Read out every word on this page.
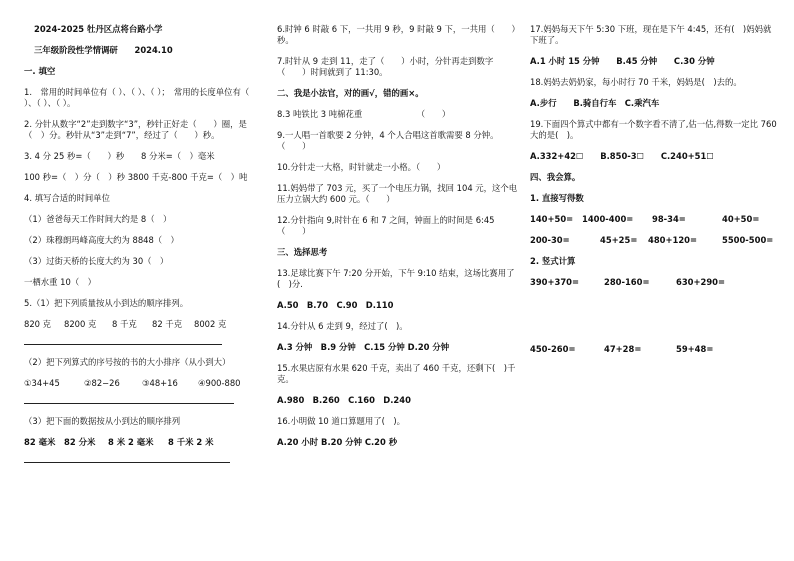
2024-2025 牡丹区点将台路小学
三年级阶段性学情调研　　2024.10
一. 填空
1.　常用的时间单位有（ ）、（ ）、（ ）；　常用的长度单位有（ ）、（ ）、（ ）。
2. 分针从数字“2”走到数字“3”，秒针正好走（　　）圈，是（　）分。秒针从“3”走到“7”，经过了（　　）秒。
3. 4 分 25 秒=（　　）秒　　8 分米=（　）毫米
100 秒=（　）分（　）秒 3800 千克-800 千克=（　）吨
4. 填写合适的时间单位
（1）爸爸每天工作时间大约是 8（　）
（2）珠穆朗玛峰高度大约为 8848（　）
（3）过街天桥的长度大约为 30（　）
一栖水重 10（　）
5.（1）把下列质量按从小到达的顺序排列。
820 克	8200 克	8 千克	82 千克	8002 克
（2）把下列算式的序号按的书的大小排序（从小到大）
①34+45	②82−26	③48+16	④900-880
（3）把下面的数据按从小到达的顺序排列
82 毫米	82 分米	8 米 2 毫米	8 千米 2 米
6.时钟 6 时敲 6 下，一共用 9 秒，9 时敲 9 下，一共用（　　）秒。
7.时针从 9 走到 11，走了（　　）小时，分针再走到数字（　　）时间就到了 11:30。
二、我是小法官，对的画√，错的画×。
8.3 吨铁比 3 吨棉花重　　　　　　　（　　）
9.一人唱一首歌要 2 分钟，4 个人合唱这首歌需要 8 分钟。（　　）
10.分针走一大格，时针就走一小格。（　　）
11.妈妈带了 703 元，买了一个电压力锅，找回 104 元，这个电压力立锅大约 600 元。（　　）
12.分针指向 9,时针在 6 和 7 之间，钟面上的时间是 6:45（　　）
三、选择思考
13.足球比赛下午 7:20 分开始，下午 9:10 结束，这场比赛用了(　)分.
A.50　B.70　C.90　D.110
14.分针从 6 走到 9，经过了(　)。
A.3 分钟　B.9 分钟　C.15 分钟 D.20 分钟
15.水果店原有水果 620 千克，卖出了 460 千克，还剩下(　)千克。
A.980　B.260　C.160　D.240
16.小明做 10 道口算题用了(　)。
A.20 小时 B.20 分钟 C.20 秒
17.妈妈每天下午 5:30 下班，现在是下午 4:45，还有(　)妈妈就下班了。
A.1 小时 15 分钟　　B.45 分钟　　C.30 分钟
18.妈妈去奶奶家，每小时行 70 千米，妈妈是(　)去的。
A.步行　　B.骑自行车　C.乘汽车
19.下面四个算式中都有一个数字看不清了,估一估,得数一定比 760 大的是(　)。
A.332+42☐　　B.850-3☐　　C.240+51☐
四、我会算。
1. 直接写得数
140+50=	1400-400=	98-34=	40+50=
200-30=	45+25=	480+120=	5500-500=
2. 竖式计算
390+370=	280-160=	630+290=
450-260=	47+28=	59+48=
